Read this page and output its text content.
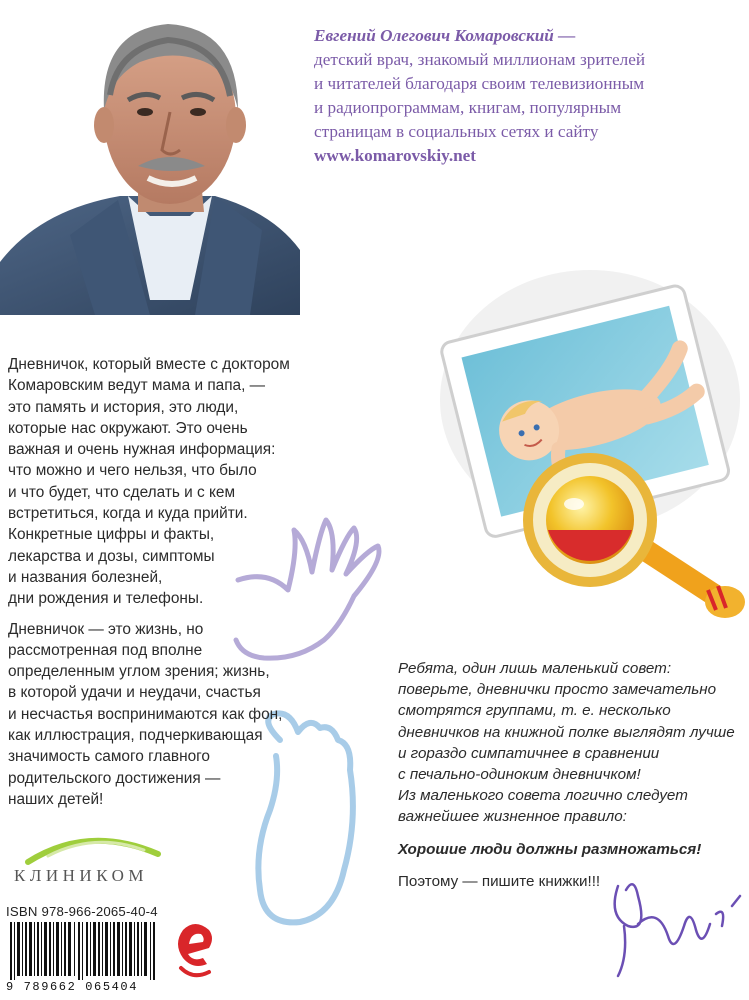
Евгений Олегович Комаровский —
детский врач, знакомый миллионам зрителей
и читателей благодаря своим телевизионным
и радиопрограммам, книгам, популярным
страницам в социальных сетях и сайту
www.komarovskiy.net
Дневничок, который вместе с доктором
Комаровским ведут мама и папа, —
это память и история, это люди,
которые нас окружают. Это очень
важная и очень нужная информация:
что можно и чего нельзя, что было
и что будет, что сделать и с кем
встретиться, когда и куда прийти.
Конкретные цифры и факты,
лекарства и дозы, симптомы
и названия болезней,
дни рождения и телефоны.
Дневничок — это жизнь, но
рассмотренная под вполне
определенным углом зрения; жизнь,
в которой удачи и неудачи, счастья
и несчастья воспринимаются как фон,
как иллюстрация, подчеркивающая
значимость самого главного
родительского достижения —
наших детей!
Ребята, один лишь маленький совет:
поверьте, дневнички просто замечательно
смотрятся группами, т. е. несколько
дневничков на книжной полке выглядят лучше
и гораздо симпатичнее в сравнении
с печально-одиноким дневничком!
Из маленького совета логично следует
важнейшее жизненное правило:
Хорошие люди должны размножаться!
Поэтому — пишите книжки!!!
КЛИНИКОМ
ISBN 978-966-2065-40-4
9 789662 065404
